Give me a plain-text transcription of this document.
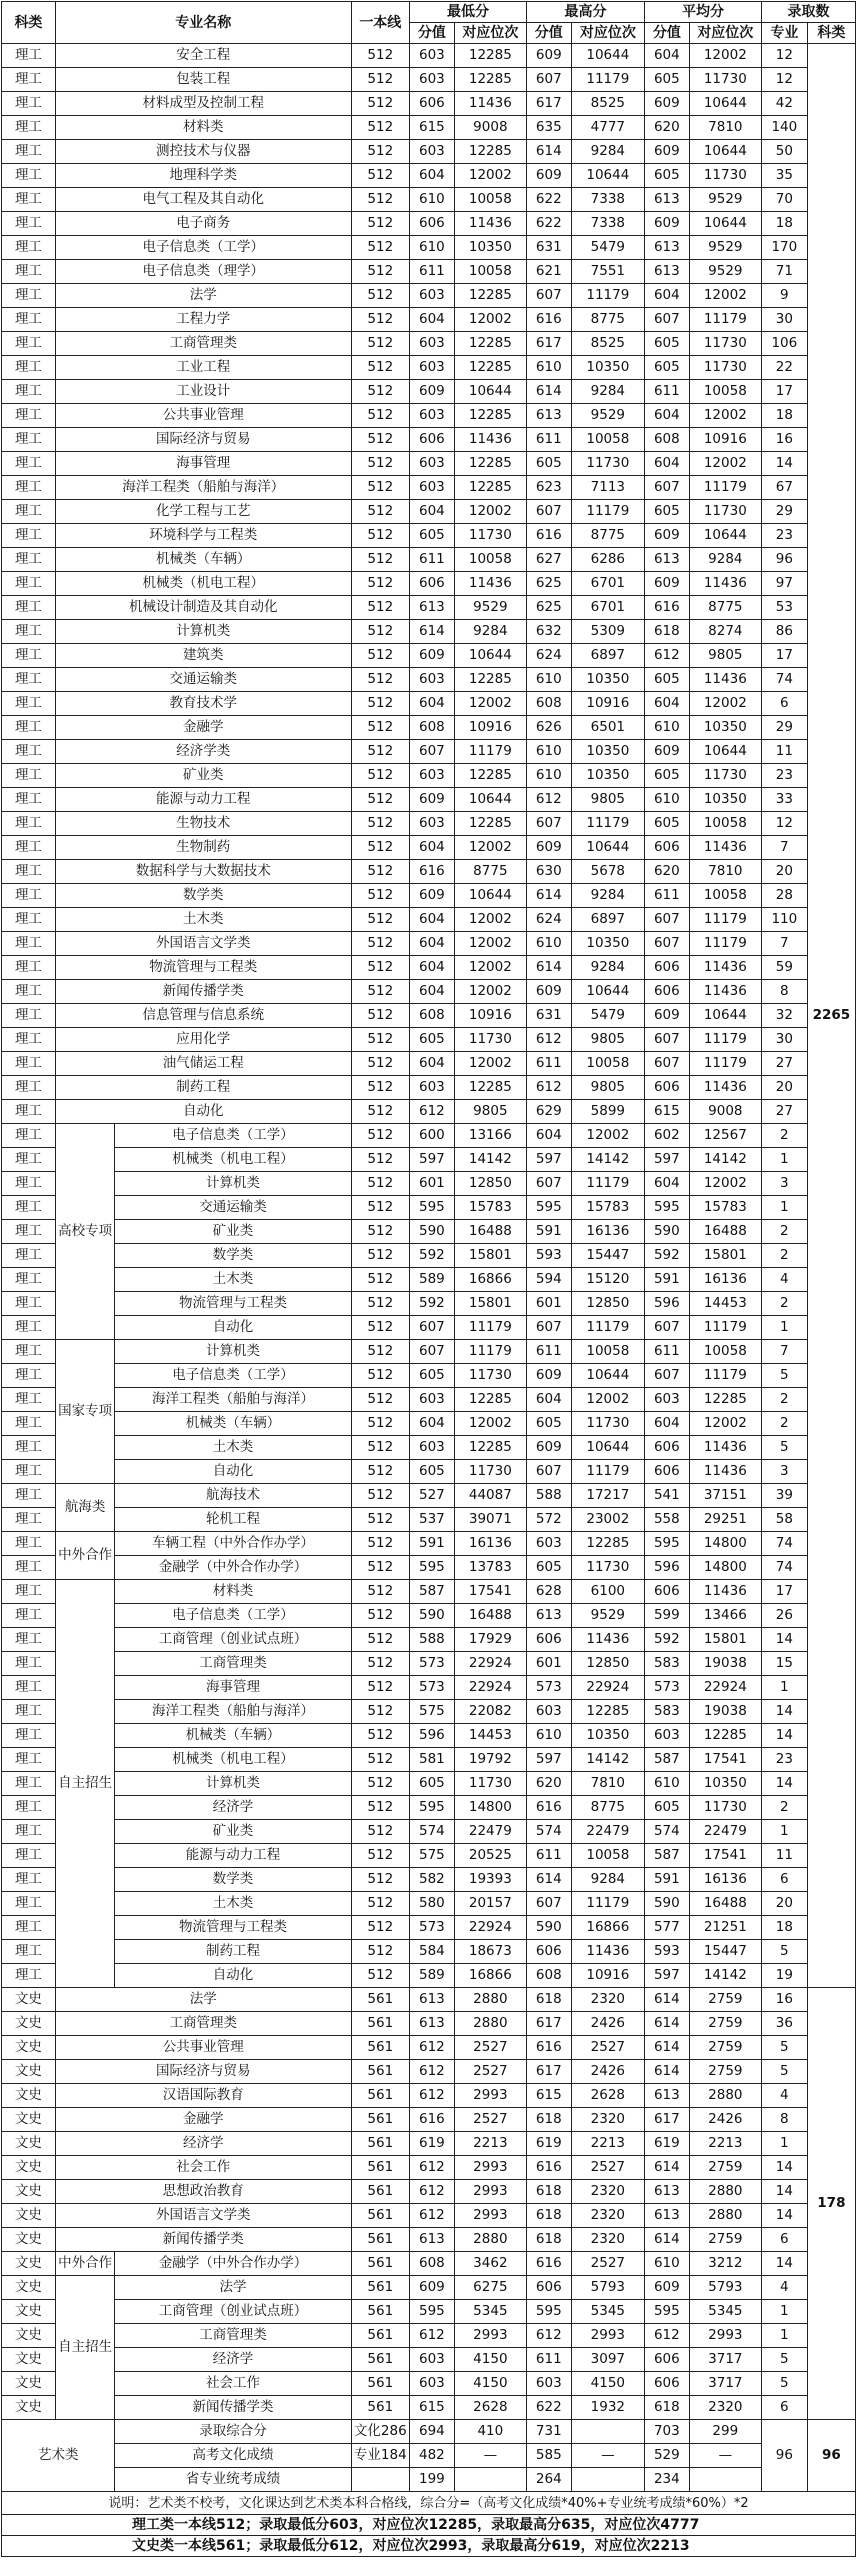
科类	专业名称		一本线	最低分		最高分		平均分		录取数	
				分值	对应位次	分值	对应位次	分值	对应位次	专业	科类
理工	安全工程		512	603	12285	609	10644	604	12002	12	2265
理工	包装工程		512	603	12285	607	11179	605	11730	12	
理工	材料成型及控制工程		512	606	11436	617	8525	609	10644	42	
理工	材料类		512	615	9008	635	4777	620	7810	140	
理工	测控技术与仪器		512	603	12285	614	9284	609	10644	50	
理工	地理科学类		512	604	12002	609	10644	605	11730	35	
理工	电气工程及其自动化		512	610	10058	622	7338	613	9529	70	
理工	电子商务		512	606	11436	622	7338	609	10644	18	
理工	电子信息类（工学）		512	610	10350	631	5479	613	9529	170	
理工	电子信息类（理学）		512	611	10058	621	7551	613	9529	71	
理工	法学		512	603	12285	607	11179	604	12002	9	
理工	工程力学		512	604	12002	616	8775	607	11179	30	
理工	工商管理类		512	603	12285	617	8525	605	11730	106	
理工	工业工程		512	603	12285	610	10350	605	11730	22	
理工	工业设计		512	609	10644	614	9284	611	10058	17	
理工	公共事业管理		512	603	12285	613	9529	604	12002	18	
理工	国际经济与贸易		512	606	11436	611	10058	608	10916	16	
理工	海事管理		512	603	12285	605	11730	604	12002	14	
理工	海洋工程类（船舶与海洋）		512	603	12285	623	7113	607	11179	67	
理工	化学工程与工艺		512	604	12002	607	11179	605	11730	29	
理工	环境科学与工程类		512	605	11730	616	8775	609	10644	23	
理工	机械类（车辆）		512	611	10058	627	6286	613	9284	96	
理工	机械类（机电工程）		512	606	11436	625	6701	609	11436	97	
理工	机械设计制造及其自动化		512	613	9529	625	6701	616	8775	53	
理工	计算机类		512	614	9284	632	5309	618	8274	86	
理工	建筑类		512	609	10644	624	6897	612	9805	17	
理工	交通运输类		512	603	12285	610	10350	605	11436	74	
理工	教育技术学		512	604	12002	608	10916	604	12002	6	
理工	金融学		512	608	10916	626	6501	610	10350	29	
理工	经济学类		512	607	11179	610	10350	609	10644	11	
理工	矿业类		512	603	12285	610	10350	605	11730	23	
理工	能源与动力工程		512	609	10644	612	9805	610	10350	33	
理工	生物技术		512	603	12285	607	11179	605	10058	12	
理工	生物制药		512	604	12002	609	10644	606	11436	7	
理工	数据科学与大数据技术		512	616	8775	630	5678	620	7810	20	
理工	数学类		512	609	10644	614	9284	611	10058	28	
理工	土木类		512	604	12002	624	6897	607	11179	110	
理工	外国语言文学类		512	604	12002	610	10350	607	11179	7	
理工	物流管理与工程类		512	604	12002	614	9284	606	11436	59	
理工	新闻传播学类		512	604	12002	609	10644	606	11436	8	
理工	信息管理与信息系统		512	608	10916	631	5479	609	10644	32	
理工	应用化学		512	605	11730	612	9805	607	11179	30	
理工	油气储运工程		512	604	12002	611	10058	607	11179	27	
理工	制药工程		512	603	12285	612	9805	606	11436	20	
理工	自动化		512	612	9805	629	5899	615	9008	27	
理工	高校专项	电子信息类（工学）	512	600	13166	604	12002	602	12567	2	
理工		机械类（机电工程）	512	597	14142	597	14142	597	14142	1	
理工		计算机类	512	601	12850	607	11179	604	12002	3	
理工		交通运输类	512	595	15783	595	15783	595	15783	1	
理工		矿业类	512	590	16488	591	16136	590	16488	2	
理工		数学类	512	592	15801	593	15447	592	15801	2	
理工		土木类	512	589	16866	594	15120	591	16136	4	
理工		物流管理与工程类	512	592	15801	601	12850	596	14453	2	
理工		自动化	512	607	11179	607	11179	607	11179	1	
理工	国家专项	计算机类	512	607	11179	611	10058	611	10058	7	
理工		电子信息类（工学）	512	605	11730	609	10644	607	11179	5	
理工		海洋工程类（船舶与海洋）	512	603	12285	604	12002	603	12285	2	
理工		机械类（车辆）	512	604	12002	605	11730	604	12002	2	
理工		土木类	512	603	12285	609	10644	606	11436	5	
理工		自动化	512	605	11730	607	11179	606	11436	3	
理工	航海类	航海技术	512	527	44087	588	17217	541	37151	39	
理工		轮机工程	512	537	39071	572	23002	558	29251	58	
理工	中外合作	车辆工程（中外合作办学）	512	591	16136	603	12285	595	14800	74	
理工		金融学（中外合作办学）	512	595	13783	605	11730	596	14800	74	
理工	自主招生	材料类	512	587	17541	628	6100	606	11436	17	
理工		电子信息类（工学）	512	590	16488	613	9529	599	13466	26	
理工		工商管理（创业试点班）	512	588	17929	606	11436	592	15801	14	
理工		工商管理类	512	573	22924	601	12850	583	19038	15	
理工		海事管理	512	573	22924	573	22924	573	22924	1	
理工		海洋工程类（船舶与海洋）	512	575	22082	603	12285	583	19038	14	
理工		机械类（车辆）	512	596	14453	610	10350	603	12285	14	
理工		机械类（机电工程）	512	581	19792	597	14142	587	17541	23	
理工		计算机类	512	605	11730	620	7810	610	10350	14	
理工		经济学	512	595	14800	616	8775	605	11730	2	
理工		矿业类	512	574	22479	574	22479	574	22479	1	
理工		能源与动力工程	512	575	20525	611	10058	587	17541	11	
理工		数学类	512	582	19393	614	9284	591	16136	6	
理工		土木类	512	580	20157	607	11179	590	16488	20	
理工		物流管理与工程类	512	573	22924	590	16866	577	21251	18	
理工		制药工程	512	584	18673	606	11436	593	15447	5	
理工		自动化	512	589	16866	608	10916	597	14142	19	
文史	法学		561	613	2880	618	2320	614	2759	16	178
文史	工商管理类		561	613	2880	617	2426	614	2759	36	
文史	公共事业管理		561	612	2527	616	2527	614	2759	5	
文史	国际经济与贸易		561	612	2527	617	2426	614	2759	5	
文史	汉语国际教育		561	612	2993	615	2628	613	2880	4	
文史	金融学		561	616	2527	618	2320	617	2426	8	
文史	经济学		561	619	2213	619	2213	619	2213	1	
文史	社会工作		561	612	2993	616	2527	614	2759	14	
文史	思想政治教育		561	612	2993	618	2320	613	2880	14	
文史	外国语言文学类		561	612	2993	618	2320	613	2880	14	
文史	新闻传播学类		561	613	2880	618	2320	614	2759	6	
文史	中外合作	金融学（中外合作办学）	561	608	3462	616	2527	610	3212	14	
文史	自主招生	法学	561	609	6275	606	5793	609	5793	4	
文史		工商管理（创业试点班）	561	595	5345	595	5345	595	5345	1	
文史		工商管理类	561	612	2993	612	2993	612	2993	1	
文史		经济学	561	603	4150	611	3097	606	3717	5	
文史		社会工作	561	603	4150	603	4150	606	3717	5	
文史		新闻传播学类	561	615	2628	622	1932	618	2320	6	
艺术类		录取综合分	文化286	694	410	731		703	299	96	96
		高考文化成绩	专业184	482	—	585	—	529	—		
		省专业统考成绩		199		264		234			
说明：艺术类不校考，文化课达到艺术类本科合格线，综合分=（高考文化成绩*40%+专业统考成绩*60%）*2											
理工类一本线512；录取最低分603，对应位次12285，录取最高分635，对应位次4777											
文史类一本线561；录取最低分612，对应位次2993，录取最高分619，对应位次2213											
